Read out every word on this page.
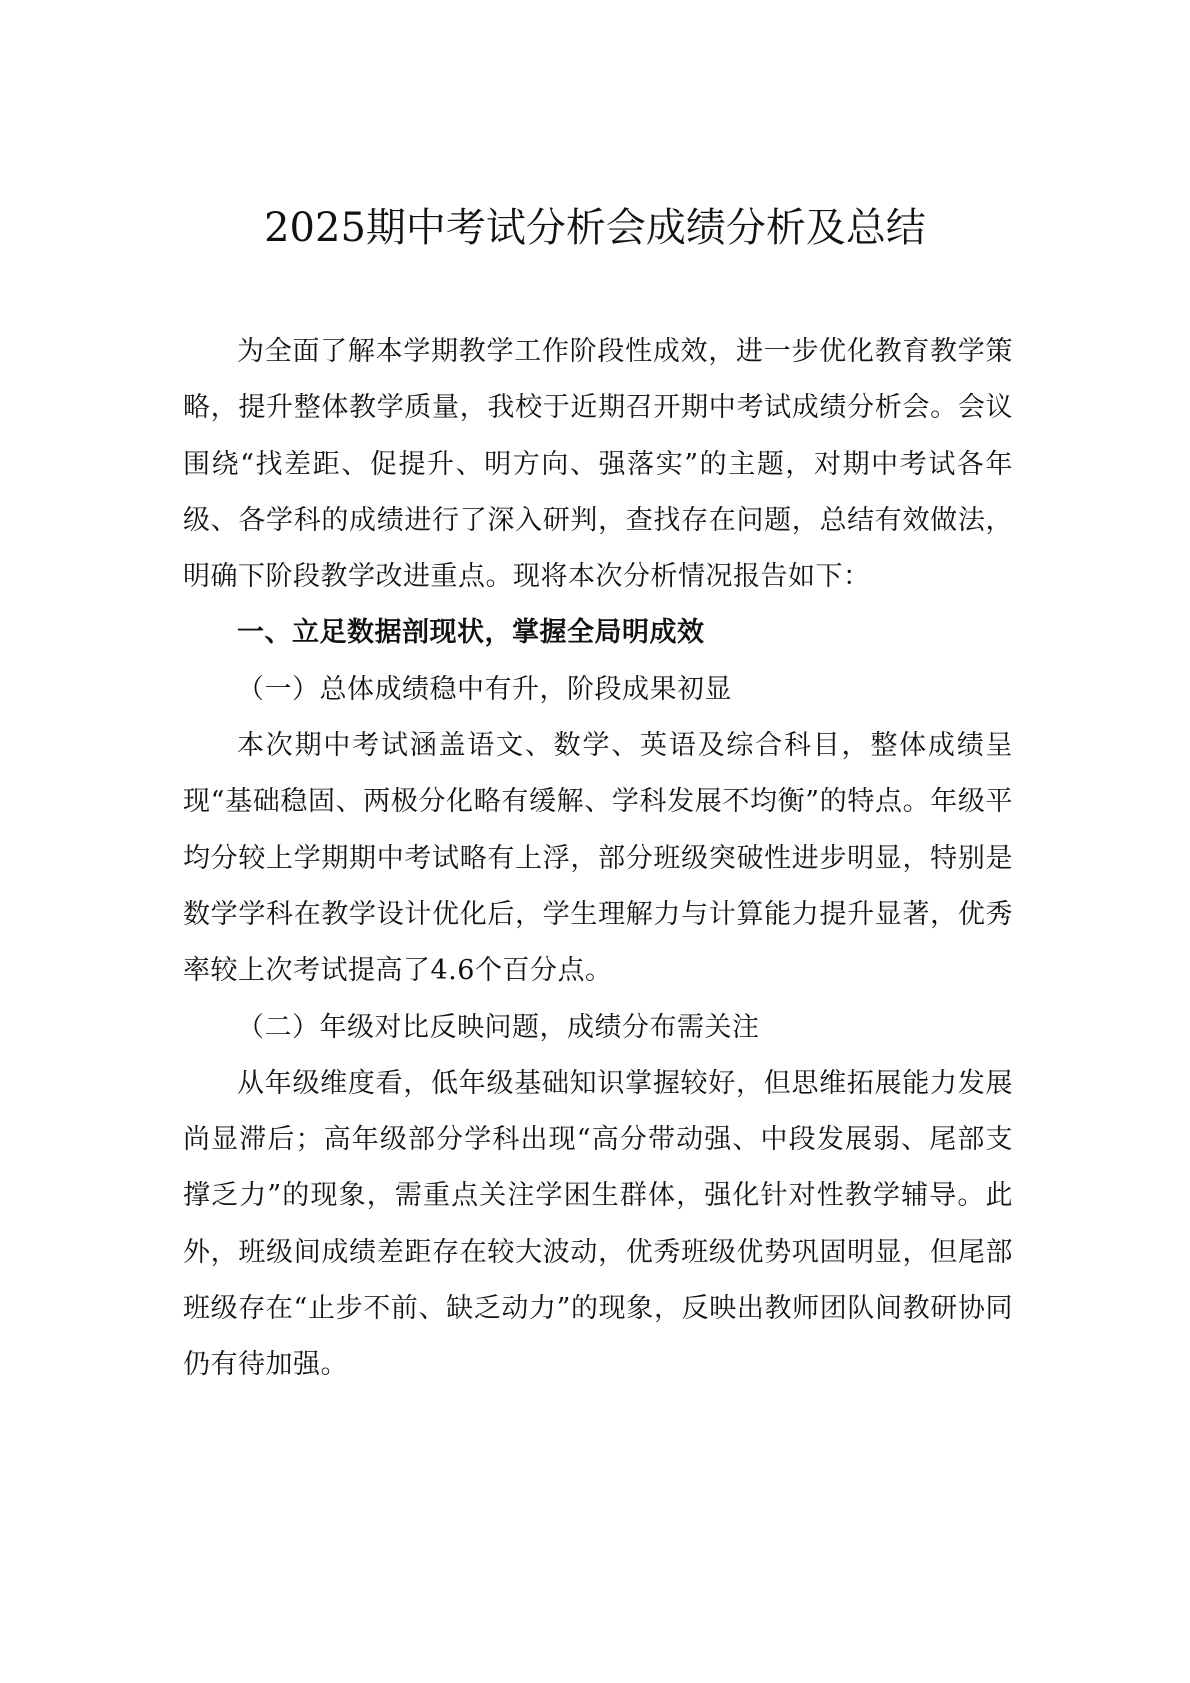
2025期中考试分析会成绩分析及总结

为全面了解本学期教学工作阶段性成效，进一步优化教育教学策略，提升整体教学质量，我校于近期召开期中考试成绩分析会。会议围绕“找差距、促提升、明方向、强落实”的主题，对期中考试各年级、各学科的成绩进行了深入研判，查找存在问题，总结有效做法，明确下阶段教学改进重点。现将本次分析情况报告如下：

一、立足数据剖现状，掌握全局明成效

（一）总体成绩稳中有升，阶段成果初显

本次期中考试涵盖语文、数学、英语及综合科目，整体成绩呈现“基础稳固、两极分化略有缓解、学科发展不均衡”的特点。年级平均分较上学期期中考试略有上浮，部分班级突破性进步明显，特别是数学学科在教学设计优化后，学生理解力与计算能力提升显著，优秀率较上次考试提高了4.6个百分点。

（二）年级对比反映问题，成绩分布需关注

从年级维度看，低年级基础知识掌握较好，但思维拓展能力发展尚显滞后；高年级部分学科出现“高分带动强、中段发展弱、尾部支撑乏力”的现象，需重点关注学困生群体，强化针对性教学辅导。此外，班级间成绩差距存在较大波动，优秀班级优势巩固明显，但尾部班级存在“止步不前、缺乏动力”的现象，反映出教师团队间教研协同仍有待加强。
